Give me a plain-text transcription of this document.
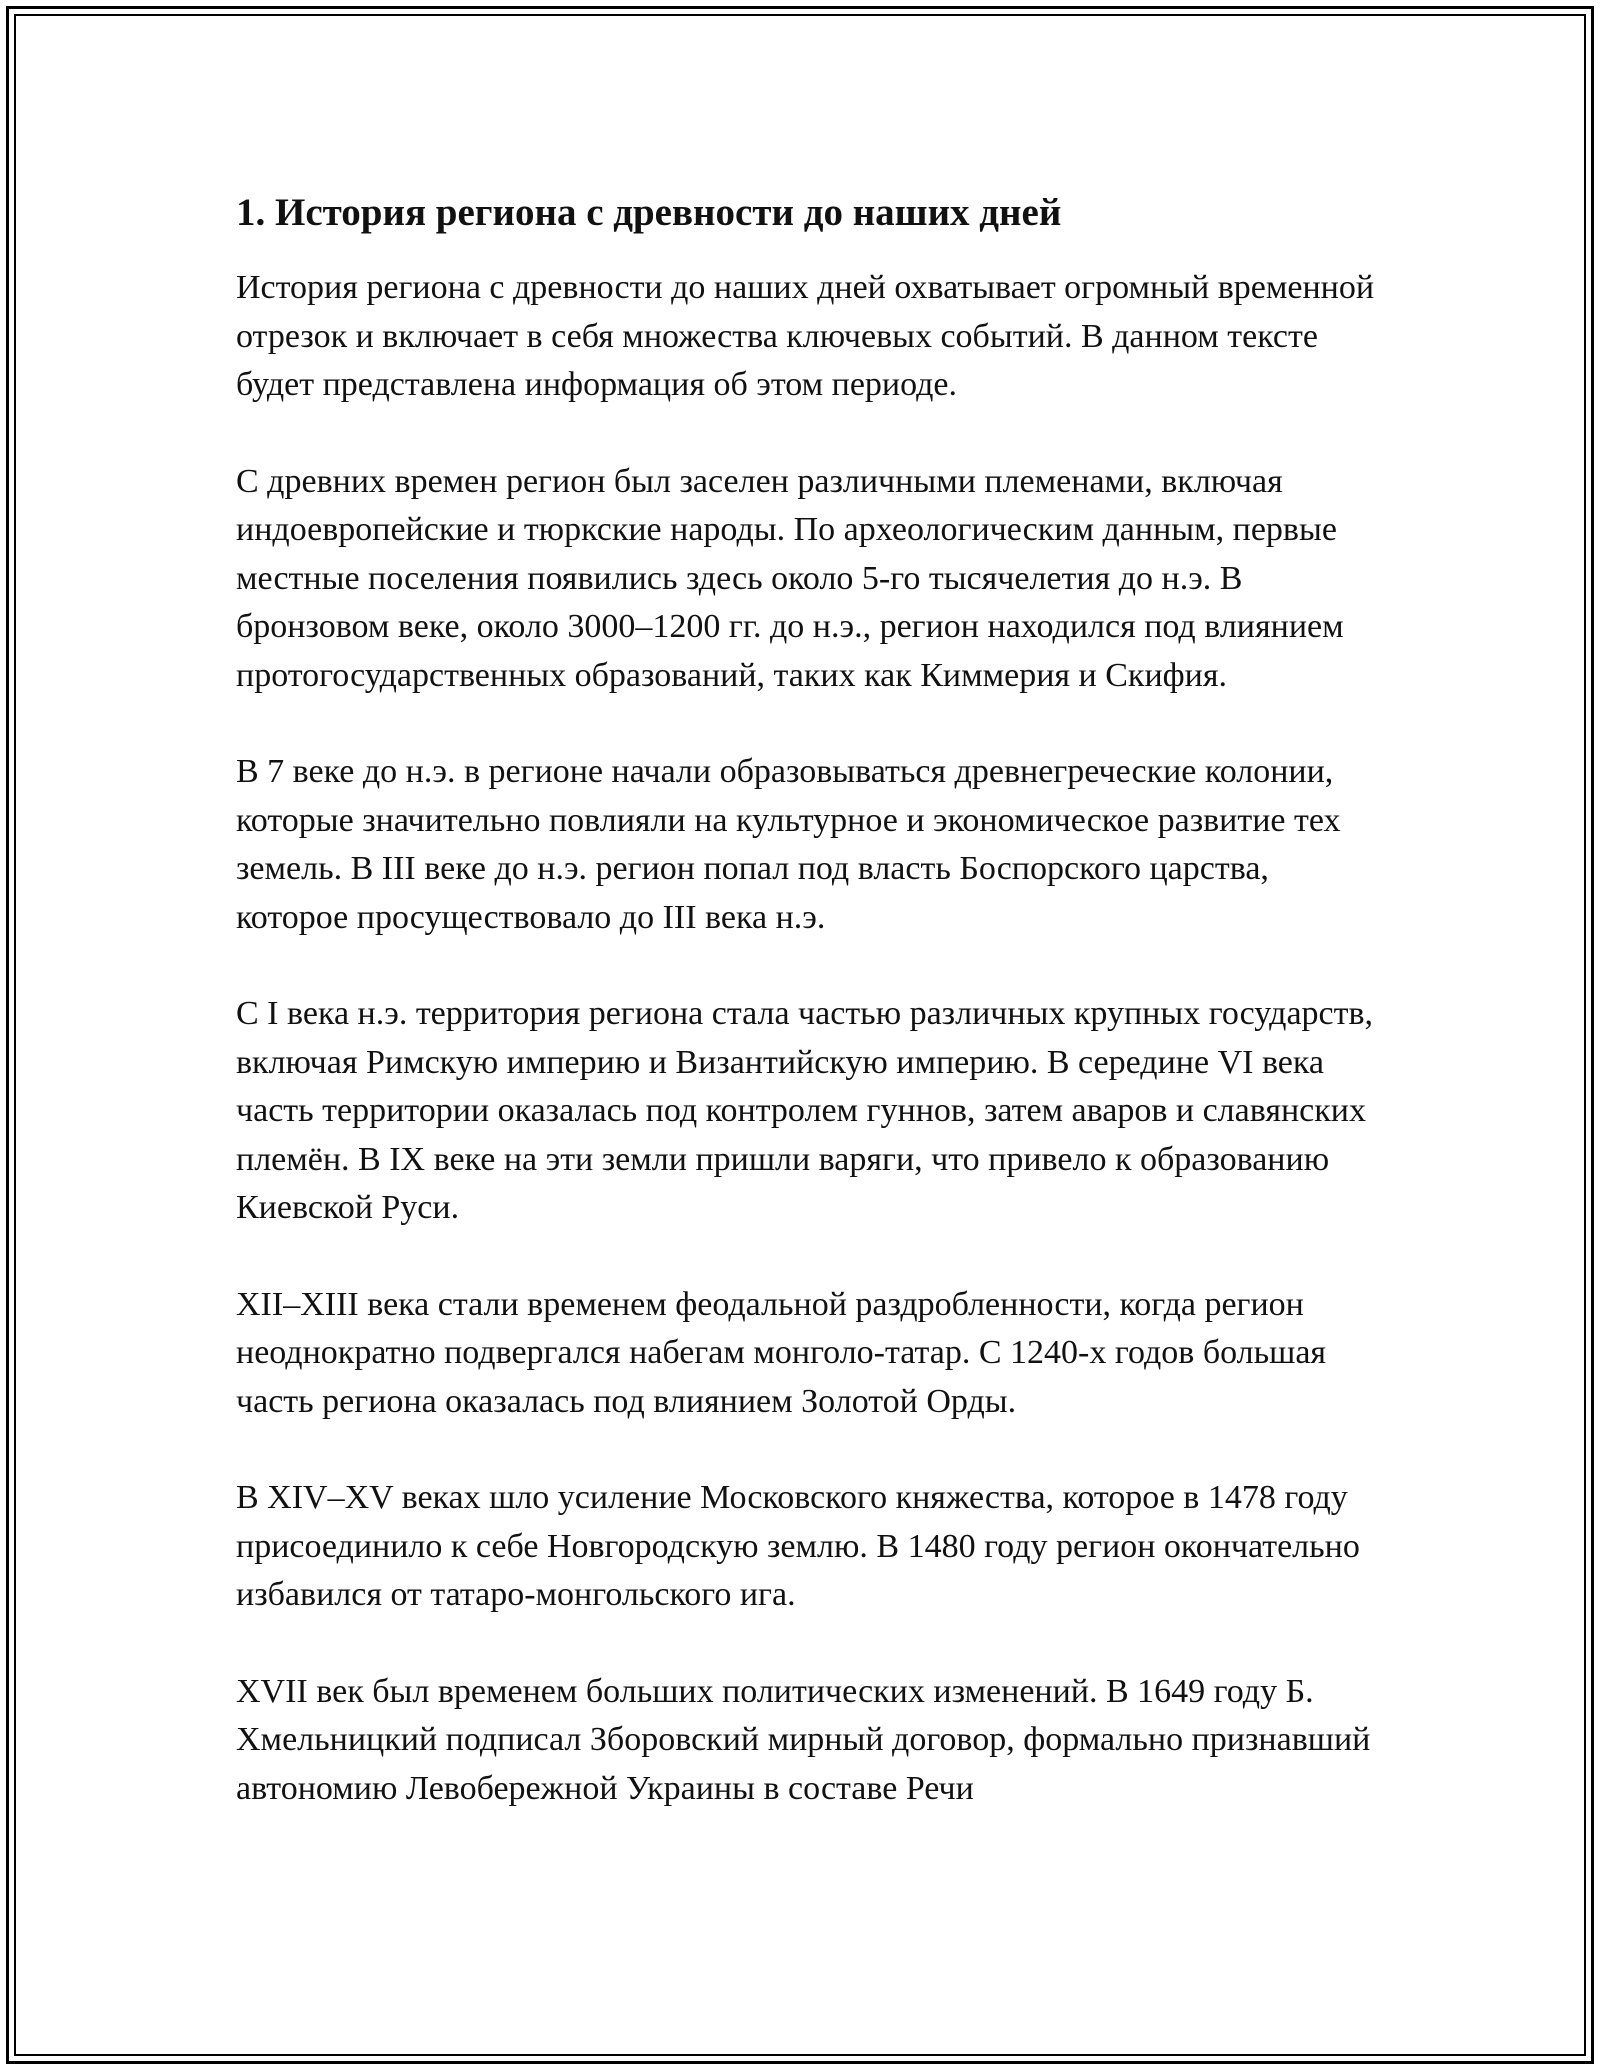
1. История региона с древности до наших дней

История региона с древности до наших дней охватывает огромный временной отрезок и включает в себя множества ключевых событий. В данном тексте будет представлена информация об этом периоде.

С древних времен регион был заселен различными племенами, включая индоевропейские и тюркские народы. По археологическим данным, первые местные поселения появились здесь около 5-го тысячелетия до н.э. В бронзовом веке, около 3000–1200 гг. до н.э., регион находился под влиянием протогосударственных образований, таких как Киммерия и Скифия.

В 7 веке до н.э. в регионе начали образовываться древнегреческие колонии, которые значительно повлияли на культурное и экономическое развитие тех земель. В III веке до н.э. регион попал под власть Боспорского царства, которое просуществовало до III века н.э.

С I века н.э. территория региона стала частью различных крупных государств, включая Римскую империю и Византийскую империю. В середине VI века часть территории оказалась под контролем гуннов, затем аваров и славянских племён. В IX веке на эти земли пришли варяги, что привело к образованию Киевской Руси.

XII–XIII века стали временем феодальной раздробленности, когда регион неоднократно подвергался набегам монголо-татар. С 1240-х годов большая часть региона оказалась под влиянием Золотой Орды.

В XIV–XV веках шло усиление Московского княжества, которое в 1478 году присоединило к себе Новгородскую землю. В 1480 году регион окончательно избавился от татаро-монгольского ига.

XVII век был временем больших политических изменений. В 1649 году Б. Хмельницкий подписал Зборовский мирный договор, формально признавший автономию Левобережной Украины в составе Речи
